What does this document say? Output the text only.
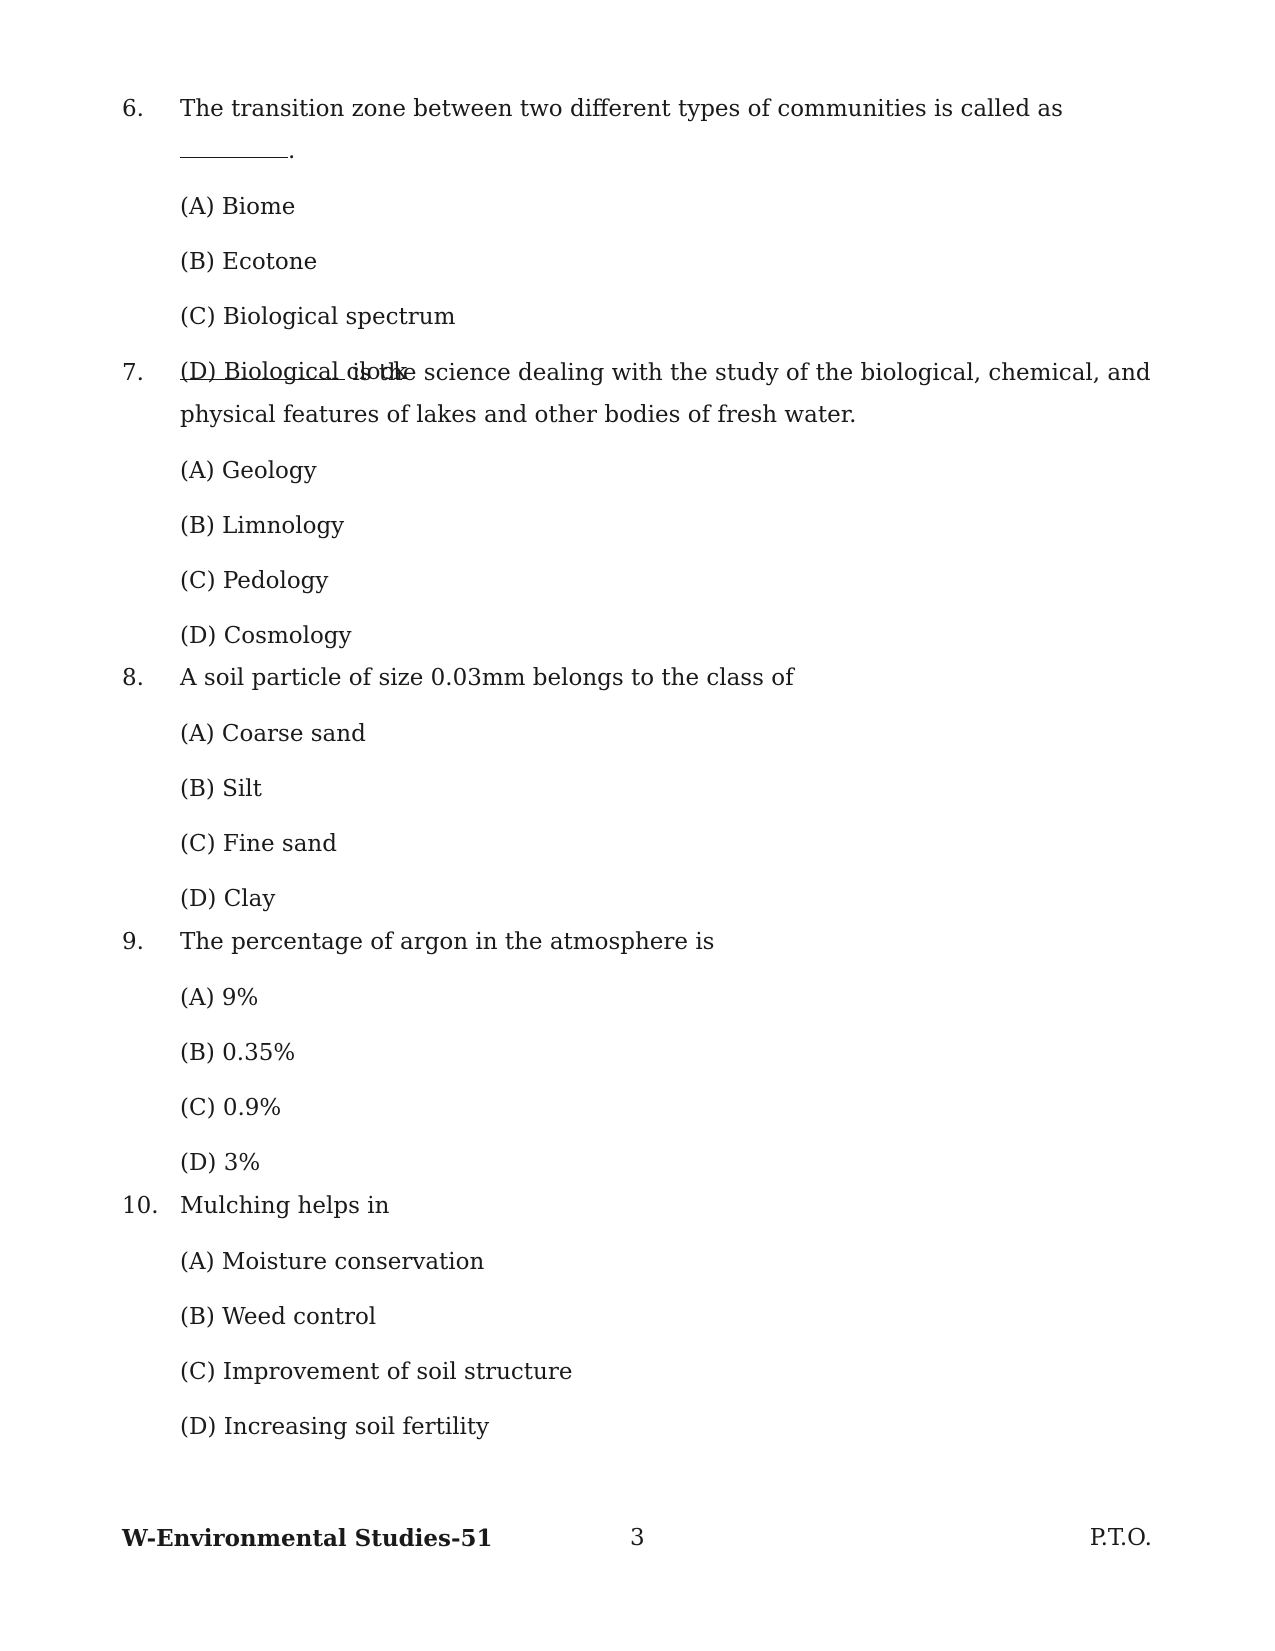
6.	The transition zone between two different types of communities is called as .
(A) Biome
(B) Ecotone
(C) Biological spectrum
(D) Biological clock
7.	is the science dealing with the study of the biological, chemical, and
physical features of lakes and other bodies of fresh water.
(A) Geology
(B) Limnology
(C) Pedology
(D) Cosmology
8.	A soil particle of size 0.03mm belongs to the class of
(A) Coarse sand
(B) Silt
(C) Fine sand
(D) Clay
9.	The percentage of argon in the atmosphere is
(A) 9%
(B) 0.35%
(C) 0.9%
(D) 3%
10. Mulching helps in
(A) Moisture conservation
(B) Weed control
(C) Improvement of soil structure
(D) Increasing soil fertility
W-Environmental Studies-51	3	P.T.O.
